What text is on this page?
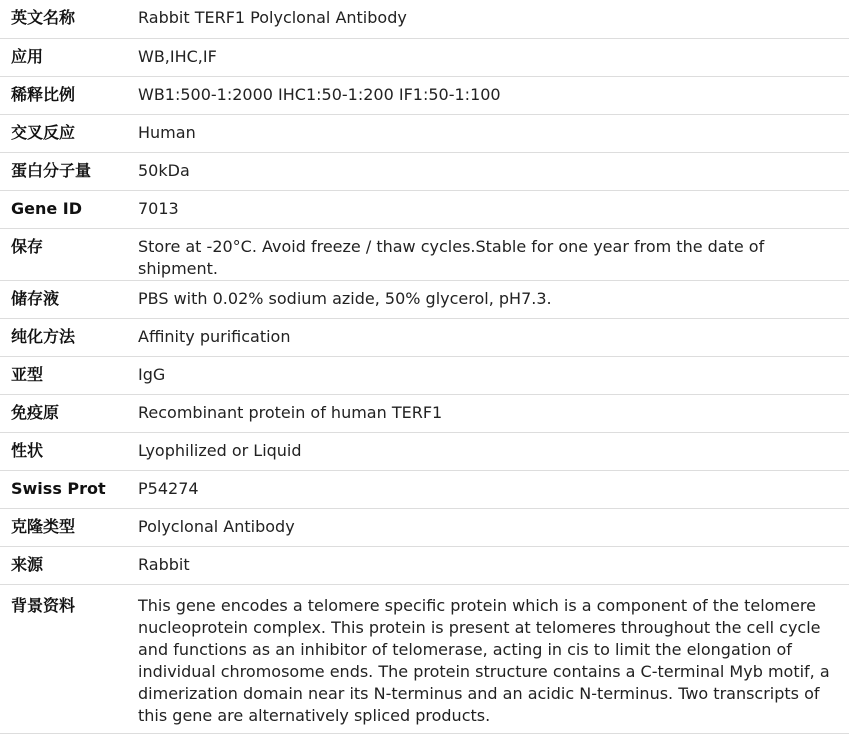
英文名称	Rabbit TERF1 Polyclonal Antibody
应用	WB,IHC,IF
稀释比例	WB1:500-1:2000 IHC1:50-1:200 IF1:50-1:100
交叉反应	Human
蛋白分子量	50kDa
Gene ID	7013
保存	Store at -20°C. Avoid freeze / thaw cycles.Stable for one year from the date of shipment.
储存液	PBS with 0.02% sodium azide, 50% glycerol, pH7.3.
纯化方法	Affinity purification
亚型	IgG
免疫原	Recombinant protein of human TERF1
性状	Lyophilized or Liquid
Swiss Prot	P54274
克隆类型	Polyclonal Antibody
来源	Rabbit
背景资料	This gene encodes a telomere specific protein which is a component of the telomere nucleoprotein complex. This protein is present at telomeres throughout the cell cycle and functions as an inhibitor of telomerase, acting in cis to limit the elongation of individual chromosome ends. The protein structure contains a C-terminal Myb motif, a dimerization domain near its N-terminus and an acidic N-terminus. Two transcripts of this gene are alternatively spliced products.
